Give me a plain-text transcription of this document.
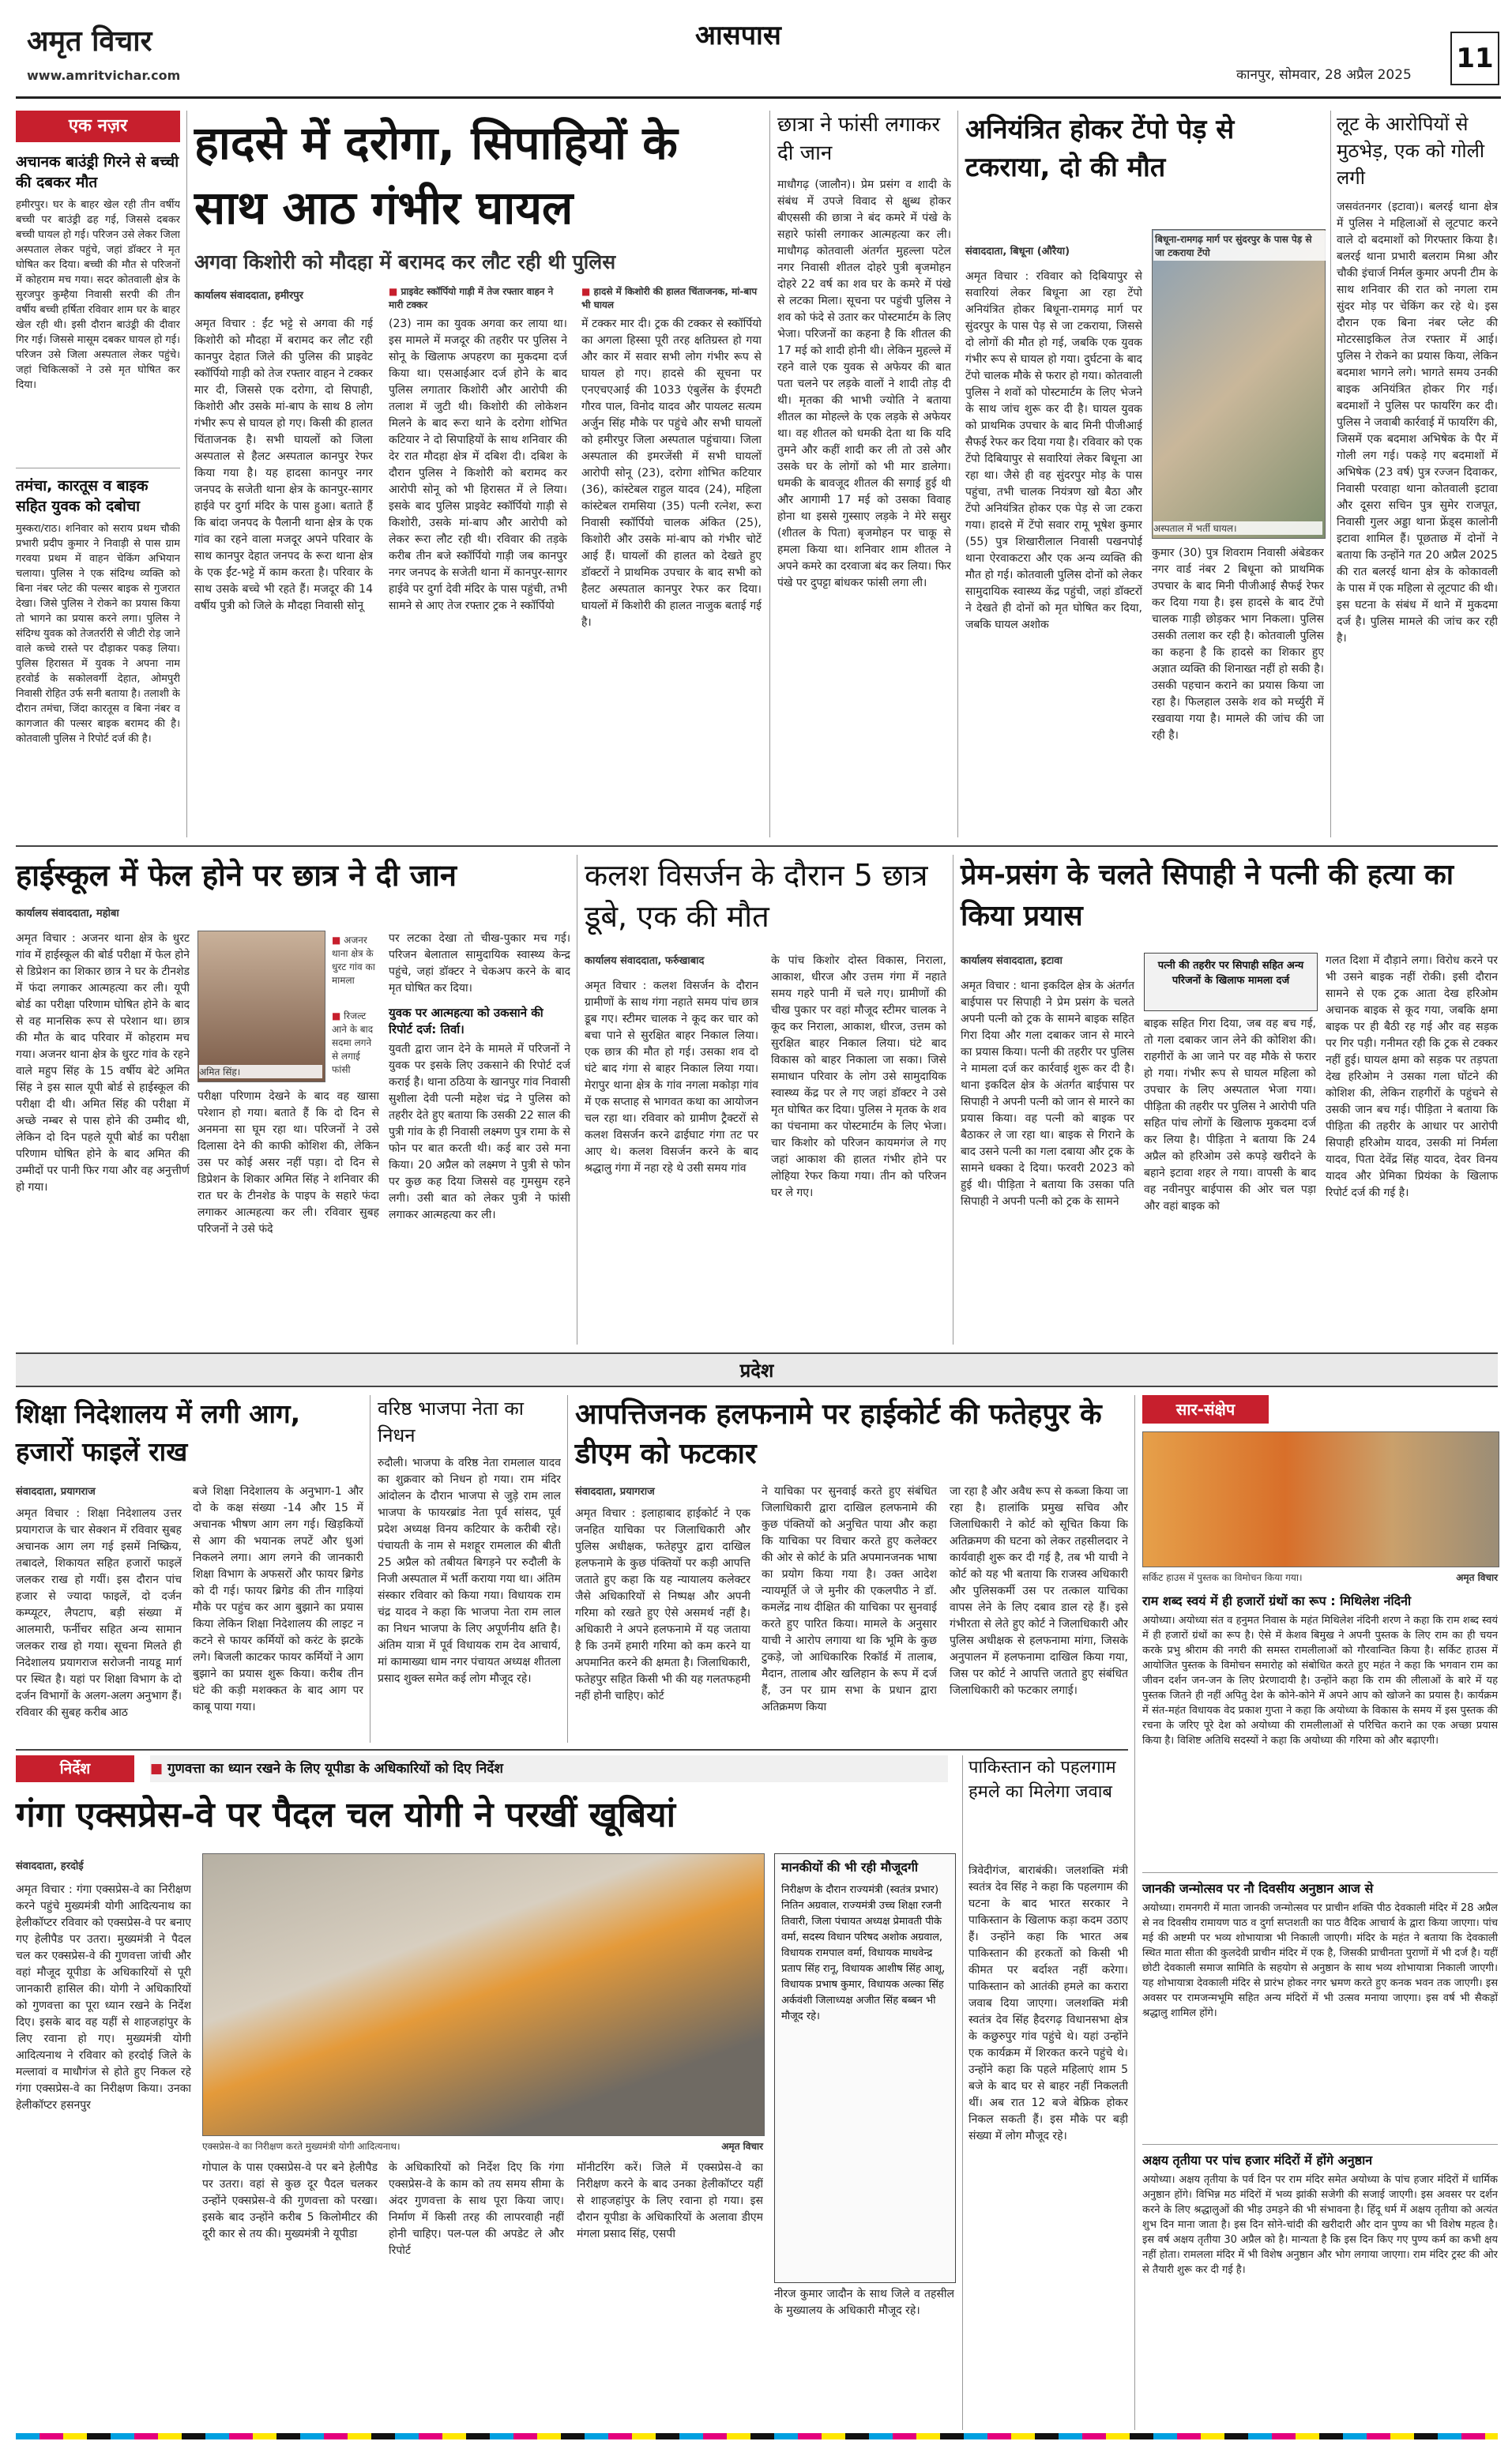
अमृत विचार
www.amritvichar.com
आसपास
कानपुर, सोमवार, 28 अप्रैल 2025
11
एक नज़र
अचानक बाउंड्री गिरने से बच्ची की दबकर मौत
हमीरपुर। घर के बाहर खेल रही तीन वर्षीय बच्ची पर बाउंड्री ढह गई, जिससे दबकर बच्ची घायल हो गई। परिजन उसे लेकर जिला अस्पताल लेकर पहुंचे, जहां डॉक्टर ने मृत घोषित कर दिया। बच्ची की मौत से परिजनों में कोहराम मच गया। सदर कोतवाली क्षेत्र के सुरजपुर कुम्हैया निवासी सरपी की तीन वर्षीय बच्ची हर्षिता रविवार शाम घर के बाहर खेल रही थी। इसी दौरान बाउंड्री की दीवार गिर गई। जिससे मासूम दबकर घायल हो गई। परिजन उसे जिला अस्पताल लेकर पहुंचे। जहां चिकित्सकों ने उसे मृत घोषित कर दिया।
तमंचा, कारतूस व बाइक सहित युवक को दबोचा
मुस्करा/राठ। शनिवार को सराय प्रथम चौकी प्रभारी प्रदीप कुमार ने निवाड़ी से पास ग्राम गरवया प्रथम में वाहन चेकिंग अभियान चलाया। पुलिस ने एक संदिग्ध व्यक्ति को बिना नंबर प्लेट की पल्सर बाइक से गुजरात देखा। जिसे पुलिस ने रोकने का प्रयास किया तो भागने का प्रयास करने लगा। पुलिस ने संदिग्ध युवक को तेजतर्रारी से जीटी रोड़ जाने वाले कच्चे रास्ते पर दौड़ाकर पकड़ लिया। पुलिस हिरासत में युवक ने अपना नाम हरवोर्ड के सकोलवर्गी देहात, ओमपुरी निवासी रोहित उर्फ सनी बताया है। तलाशी के दौरान तमंचा, जिंदा कारतूस व बिना नंबर व कागजात की पल्सर बाइक बरामद की है। कोतवाली पुलिस ने रिपोर्ट दर्ज की है।
हादसे में दरोगा, सिपाहियों के साथ आठ गंभीर घायल
अगवा किशोरी को मौदहा में बरामद कर लौट रही थी पुलिस
कार्यालय संवाददाता, हमीरपुर	■ प्राइवेट स्कॉर्पियो गाड़ी में तेज रफ्तार वाहन ने मारी टक्कर
■ हादसे में किशोरी की हालत चिंताजनक, मां-बाप भी घायल
अमृत विचार : ईंट भट्टे से अगवा की गई किशोरी को मौदहा में बरामद कर लौट रही कानपुर देहात जिले की पुलिस की प्राइवेट स्कॉर्पियो गाड़ी को तेज रफ्तार वाहन ने टक्कर मार दी, जिससे एक दरोगा, दो सिपाही, किशोरी और उसके मां-बाप के साथ 8 लोग गंभीर रूप से घायल हो गए। किसी की हालत चिंताजनक है। सभी घायलों को जिला अस्पताल से हैलट अस्पताल कानपुर रेफर किया गया है। यह हादसा कानपुर नगर जनपद के सजेती थाना क्षेत्र के कानपुर-सागर हाईवे पर दुर्गा मंदिर के पास हुआ। बताते हैं कि बांदा जनपद के पैलानी थाना क्षेत्र के एक गांव का रहने वाला मजदूर अपने परिवार के साथ कानपुर देहात जनपद के रूरा थाना क्षेत्र के एक ईंट-भट्टे में काम करता है। परिवार के साथ उसके बच्चे भी रहते हैं। मजदूर की 14 वर्षीय पुत्री को जिले के मौदहा निवासी सोनू
(23) नाम का युवक अगवा कर लाया था। इस मामले में मजदूर की तहरीर पर पुलिस ने सोनू के खिलाफ अपहरण का मुकदमा दर्ज किया था। एसआईआर दर्ज होने के बाद पुलिस लगातार किशोरी और आरोपी की तलाश में जुटी थी। किशोरी की लोकेशन मिलने के बाद रूरा थाने के दरोगा शोभित कटियार ने दो सिपाहियों के साथ शनिवार की देर रात मौदहा क्षेत्र में दबिश दी। दबिश के दौरान पुलिस ने किशोरी को बरामद कर आरोपी सोनू को भी हिरासत में ले लिया। इसके बाद पुलिस प्राइवेट स्कॉर्पियो गाड़ी से किशोरी, उसके मां-बाप और आरोपी को लेकर रूरा लौट रही थी। रविवार की तड़के करीब तीन बजे स्कॉर्पियो गाड़ी जब कानपुर नगर जनपद के सजेती थाना में कानपुर-सागर हाईवे पर दुर्गा देवी मंदिर के पास पहुंची, तभी सामने से आए तेज रफ्तार ट्रक ने स्कॉर्पियो
में टक्कर मार दी। ट्रक की टक्कर से स्कॉर्पियो का अगला हिस्सा पूरी तरह क्षतिग्रस्त हो गया और कार में सवार सभी लोग गंभीर रूप से घायल हो गए। हादसे की सूचना पर एनएचएआई की 1033 एंबुलेंस के ईएमटी गौरव पाल, विनोद यादव और पायलट सत्यम अर्जुन सिंह मौके पर पहुंचे और सभी घायलों को हमीरपुर जिला अस्पताल पहुंचाया। जिला अस्पताल की इमरजेंसी में सभी घायलों आरोपी सोनू (23), दरोगा शोभित कटियार (36), कांस्टेबल राहुल यादव (24), महिला कांस्टेबल रामसिया (35) पत्नी रत्नेश, रूरा निवासी स्कॉर्पियो चालक अंकित (25), किशोरी और उसके मां-बाप को गंभीर चोटें आई हैं। घायलों की हालत को देखते हुए डॉक्टरों ने प्राथमिक उपचार के बाद सभी को हैलट अस्पताल कानपुर रेफर कर दिया। घायलों में किशोरी की हालत नाजुक बताई गई है।
छात्रा ने फांसी लगाकर दी जान
माधौगढ़ (जालौन)। प्रेम प्रसंग व शादी के संबंध में उपजे विवाद से क्षुब्ध होकर बीएससी की छात्रा ने बंद कमरे में पंखे के सहारे फांसी लगाकर आत्महत्या कर ली। माधौगढ़ कोतवाली अंतर्गत मुहल्ला पटेल नगर निवासी शीतल दोहरे पुत्री बृजमोहन दोहरे 22 वर्ष का शव घर के कमरे में पंखे से लटका मिला। सूचना पर पहुंची पुलिस ने शव को फंदे से उतार कर पोस्टमार्टम के लिए भेजा। परिजनों का कहना है कि शीतल की 17 मई को शादी होनी थी। लेकिन मुहल्ले में रहने वाले एक युवक से अफेयर की बात पता चलने पर लड़के वालों ने शादी तोड़ दी थी। मृतका की भाभी ज्योति ने बताया शीतल का मोहल्ले के एक लड़के से अफेयर था। वह शीतल को धमकी देता था कि यदि तुमने और कहीं शादी कर ली तो उसे और उसके घर के लोगों को भी मार डालेगा। धमकी के बावजूद शीतल की सगाई हुई थी और आगामी 17 मई को उसका विवाह होना था इससे गुस्साए लड़के ने मेरे ससुर (शीतल के पिता) बृजमोहन पर चाकू से हमला किया था। शनिवार शाम शीतल ने अपने कमरे का दरवाजा बंद कर लिया। फिर पंखे पर दुपट्टा बांधकर फांसी लगा ली।
अनियंत्रित होकर टेंपो पेड़ से टकराया, दो की मौत
संवाददाता, बिधूना (औरैया)
बिधूना-रामगढ़ मार्ग पर सुंदरपुर के पास पेड़ से जा टकराया टेंपो
अस्पताल में भर्ती घायल।
अमृत विचार : रविवार को दिबियापुर से सवारियां लेकर बिधूना आ रहा टेंपो अनियंत्रित होकर बिधूना-रामगढ़ मार्ग पर सुंदरपुर के पास पेड़ से जा टकराया, जिससे दो लोगों की मौत हो गई, जबकि एक युवक गंभीर रूप से घायल हो गया। दुर्घटना के बाद टेंपो चालक मौके से फरार हो गया। कोतवाली पुलिस ने शवों को पोस्टमार्टम के लिए भेजने के साथ जांच शुरू कर दी है। घायल युवक को प्राथमिक उपचार के बाद मिनी पीजीआई सैफई रेफर कर दिया गया है। रविवार को एक टेंपो दिबियापुर से सवारियां लेकर बिधूना आ रहा था। जैसे ही वह सुंदरपुर मोड़ के पास पहुंचा, तभी चालक नियंत्रण खो बैठा और टेंपो अनियंत्रित होकर एक पेड़ से जा टकरा गया। हादसे में टेंपो सवार रामू भूषेश कुमार (55) पुत्र शिखारीलाल निवासी पखनपोई थाना ऐरवाकटरा और एक अन्य व्यक्ति की मौत हो गई। कोतवाली पुलिस दोनों को लेकर सामुदायिक स्वास्थ्य केंद्र पहुंची, जहां डॉक्टरों ने देखते ही दोनों को मृत घोषित कर दिया, जबकि घायल अशोक
कुमार (30) पुत्र शिवराम निवासी अंबेडकर नगर वार्ड नंबर 2 बिधूना को प्राथमिक उपचार के बाद मिनी पीजीआई सैफई रेफर कर दिया गया है। इस हादसे के बाद टेंपो चालक गाड़ी छोड़कर भाग निकला। पुलिस उसकी तलाश कर रही है। कोतवाली पुलिस का कहना है कि हादसे का शिकार हुए अज्ञात व्यक्ति की शिनाख्त नहीं हो सकी है। उसकी पहचान कराने का प्रयास किया जा रहा है। फिलहाल उसके शव को मर्च्युरी में रखवाया गया है। मामले की जांच की जा रही है।
लूट के आरोपियों से मुठभेड़, एक को गोली लगी
जसवंतनगर (इटावा)। बलरई थाना क्षेत्र में पुलिस ने महिलाओं से लूटपाट करने वाले दो बदमाशों को गिरफ्तार किया है। बलरई थाना प्रभारी बलराम मिश्रा और चौकी इंचार्ज निर्मल कुमार अपनी टीम के साथ शनिवार की रात को नगला राम सुंदर मोड़ पर चेकिंग कर रहे थे। इस दौरान एक बिना नंबर प्लेट की मोटरसाइकिल तेज रफ्तार में आई। पुलिस ने रोकने का प्रयास किया, लेकिन बदमाश भागने लगे। भागते समय उनकी बाइक अनियंत्रित होकर गिर गई। बदमाशों ने पुलिस पर फायरिंग कर दी। पुलिस ने जवाबी कार्रवाई में फायरिंग की, जिसमें एक बदमाश अभिषेक के पैर में गोली लग गई। पकड़े गए बदमाशों में अभिषेक (23 वर्ष) पुत्र रज्जन दिवाकर, निवासी परवाहा थाना कोतवाली इटावा और दूसरा सचिन पुत्र सुमेर राजपूत, निवासी गुलर अड्डा थाना फ्रेंड्स कालोनी इटावा शामिल हैं। पूछताछ में दोनों ने बताया कि उन्होंने गत 20 अप्रैल 2025 की रात बलरई थाना क्षेत्र के कोकावली के पास में एक महिला से लूटपाट की थी। इस घटना के संबंध में थाने में मुकदमा दर्ज है। पुलिस मामले की जांच कर रही है।
हाईस्कूल में फेल होने पर छात्र ने दी जान
कार्यालय संवाददाता, महोबा
अमित सिंह।
■ अजनर थाना क्षेत्र के धुरट गांव का मामला
■ रिजल्ट आने के बाद सदमा लगने से लगाई फांसी
अमृत विचार : अजनर थाना क्षेत्र के धुरट गांव में हाईस्कूल की बोर्ड परीक्षा में फेल होने से डिप्रेशन का शिकार छात्र ने घर के टीनशेड में फंदा लगाकर आत्महत्या कर ली। यूपी बोर्ड का परीक्षा परिणाम घोषित होने के बाद से वह मानसिक रूप से परेशान था। छात्र की मौत के बाद परिवार में कोहराम मच गया। अजनर थाना क्षेत्र के धुरट गांव के रहने वाले महुप सिंह के 15 वर्षीय बेटे अमित सिंह ने इस साल यूपी बोर्ड से हाईस्कूल की परीक्षा दी थी। अमित सिंह की परीक्षा में अच्छे नम्बर से पास होने की उम्मीद थी, लेकिन दो दिन पहले यूपी बोर्ड का परीक्षा परिणाम घोषित होने के बाद अमित की उम्मीदों पर पानी फिर गया और वह अनुत्तीर्ण हो गया।
परीक्षा परिणाम देखने के बाद वह खासा परेशान हो गया। बताते हैं कि दो दिन से अनमना सा घूम रहा था। परिजनों ने उसे दिलासा देने की काफी कोशिश की, लेकिन उस पर कोई असर नहीं पड़ा। दो दिन से डिप्रेशन के शिकार अमित सिंह ने शनिवार की रात घर के टीनशेड के पाइप के सहारे फंदा लगाकर आत्महत्या कर ली। रविवार सुबह परिजनों ने उसे फंदे
पर लटका देखा तो चीख-पुकार मच गई। परिजन बेलाताल सामुदायिक स्वास्थ्य केन्द्र पहुंचे, जहां डॉक्टर ने चेकअप करने के बाद मृत घोषित कर दिया।
युवक पर आत्महत्या को उकसाने की रिपोर्ट दर्ज: तिर्वा।
युवती द्वारा जान देने के मामले में परिजनों ने युवक पर इसके लिए उकसाने की रिपोर्ट दर्ज कराई है। थाना ठठिया के खानपुर गांव निवासी सुशीला देवी पत्नी महेश चंद्र ने पुलिस को तहरीर देते हुए बताया कि उसकी 22 साल की पुत्री गांव के ही निवासी लक्ष्मण पुत्र रामा के से फोन पर बात करती थी। कई बार उसे मना किया। 20 अप्रैल को लक्ष्मण ने पुत्री से फोन पर कुछ कह दिया जिससे वह गुमसुम रहने लगी। उसी बात को लेकर पुत्री ने फांसी लगाकर आत्महत्या कर ली।
कलश विसर्जन के दौरान 5 छात्र डूबे, एक की मौत
कार्यालय संवाददाता, फर्रुखाबाद
अमृत विचार : कलश विसर्जन के दौरान ग्रामीणों के साथ गंगा नहाते समय पांच छात्र डूब गए। स्टीमर चालक ने कूद कर चार को बचा पाने से सुरक्षित बाहर निकाल लिया। एक छात्र की मौत हो गई। उसका शव दो घंटे बाद गंगा से बाहर निकाल लिया गया। मेरापुर थाना क्षेत्र के गांव नगला मकोड़ा गांव में एक सप्ताह से भागवत कथा का आयोजन चल रहा था। रविवार को ग्रामीण ट्रैक्टरों से कलश विसर्जन करने ढाईघाट गंगा तट पर आए थे। कलश विसर्जन करने के बाद श्रद्धालु गंगा में नहा रहे थे उसी समय गांव
के पांच किशोर दोस्त विकास, निराला, आकाश, धीरज और उत्तम गंगा में नहाते समय गहरे पानी में चले गए। ग्रामीणों की चीख पुकार पर वहां मौजूद स्टीमर चालक ने कूद कर निराला, आकाश, धीरज, उत्तम को सुरक्षित बाहर निकाल लिया। घंटे बाद विकास को बाहर निकाला जा सका। जिसे समाधान परिवार के लोग उसे सामुदायिक स्वास्थ्य केंद्र पर ले गए जहां डॉक्टर ने उसे मृत घोषित कर दिया। पुलिस ने मृतक के शव का पंचनामा कर पोस्टमार्टम के लिए भेजा। चार किशोर को परिजन कायमगंज ले गए जहां आकाश की हालत गंभीर होने पर लोहिया रेफर किया गया। तीन को परिजन घर ले गए।
प्रेम-प्रसंग के चलते सिपाही ने पत्नी की हत्या का किया प्रयास
कार्यालय संवाददाता, इटावा	पत्नी की तहरीर पर सिपाही सहित अन्य परिजनों के खिलाफ मामला दर्ज
अमृत विचार : थाना इकदिल क्षेत्र के अंतर्गत बाईपास पर सिपाही ने प्रेम प्रसंग के चलते अपनी पत्नी को ट्रक के सामने बाइक सहित गिरा दिया और गला दबाकर जान से मारने का प्रयास किया। पत्नी की तहरीर पर पुलिस ने मामला दर्ज कर कार्रवाई शुरू कर दी है। थाना इकदिल क्षेत्र के अंतर्गत बाईपास पर सिपाही ने अपनी पत्नी को जान से मारने का प्रयास किया। वह पत्नी को बाइक पर बैठाकर ले जा रहा था। बाइक से गिराने के बाद उसने पत्नी का गला दबाया और ट्रक के सामने धक्का दे दिया। फरवरी 2023 को हुई थी। पीड़िता ने बताया कि उसका पति सिपाही ने अपनी पत्नी को ट्रक के सामने
बाइक सहित गिरा दिया, जब वह बच गई, तो गला दबाकर जान लेने की कोशिश की। राहगीरों के आ जाने पर वह मौके से फरार हो गया। गंभीर रूप से घायल महिला को उपचार के लिए अस्पताल भेजा गया। पीड़िता की तहरीर पर पुलिस ने आरोपी पति सहित पांच लोगों के खिलाफ मुकदमा दर्ज कर लिया है। पीड़िता ने बताया कि 24 अप्रैल को हरिओम उसे कपड़े खरीदने के बहाने इटावा शहर ले गया। वापसी के बाद वह नवीनपुर बाईपास की ओर चल पड़ा और वहां बाइक को
गलत दिशा में दौड़ाने लगा। विरोध करने पर भी उसने बाइक नहीं रोकी। इसी दौरान सामने से एक ट्रक आता देख हरिओम अचानक बाइक से कूद गया, जबकि क्षमा बाइक पर ही बैठी रह गई और वह सड़क पर गिर पड़ी। गनीमत रही कि ट्रक से टक्कर नहीं हुई। घायल क्षमा को सड़क पर तड़पता देख हरिओम ने उसका गला घोंटने की कोशिश की, लेकिन राहगीरों के पहुंचने से उसकी जान बच गई। पीड़िता ने बताया कि पीड़िता की तहरीर के आधार पर आरोपी सिपाही हरिओम यादव, उसकी मां निर्मला यादव, पिता देवेंद्र सिंह यादव, देवर विनय यादव और प्रेमिका प्रियंका के खिलाफ रिपोर्ट दर्ज की गई है।
प्रदेश
शिक्षा निदेशालय में लगी आग, हजारों फाइलें राख
संवाददाता, प्रयागराज
अमृत विचार : शिक्षा निदेशालय उत्तर प्रयागराज के चार सेक्शन में रविवार सुबह अचानक आग लग गई इसमें निष्क्रिय, तबादले, शिकायत सहित हजारों फाइलें जलकर राख हो गयीं। इस दौरान पांच हजार से ज्यादा फाइलें, दो दर्जन कम्प्यूटर, लैपटाप, बड़ी संख्या में आलमारी, फर्नीचर सहित अन्य सामान जलकर राख हो गया। सूचना मिलते ही निदेशालय प्रयागराज सरोजनी नायडू मार्ग पर स्थित है। यहां पर शिक्षा विभाग के दो दर्जन विभागों के अलग-अलग अनुभाग हैं। रविवार की सुबह करीब आठ
बजे शिक्षा निदेशालय के अनुभाग-1 और दो के कक्ष संख्या -14 और 15 में अचानक भीषण आग लग गई। खिड़कियों से आग की भयानक लपटें और धुआं निकलने लगा। आग लगने की जानकारी शिक्षा विभाग के अफसरों और फायर ब्रिगेड को दी गई। फायर ब्रिगेड की तीन गाड़ियां मौके पर पहुंच कर आग बुझाने का प्रयास किया लेकिन शिक्षा निदेशालय की लाइट न कटने से फायर कर्मियों को करंट के झटके लगे। बिजली काटकर फायर कर्मियों ने आग बुझाने का प्रयास शुरू किया। करीब तीन घंटे की कड़ी मशक्कत के बाद आग पर काबू पाया गया।
वरिष्ठ भाजपा नेता का निधन
रुदौली। भाजपा के वरिष्ठ नेता रामलाल यादव का शुक्रवार को निधन हो गया। राम मंदिर आंदोलन के दौरान भाजपा से जुड़े राम लाल भाजपा के फायरब्रांड नेता पूर्व सांसद, पूर्व प्रदेश अध्यक्ष विनय कटियार के करीबी रहे। पंचायती के नाम से मशहूर रामलाल की बीती 25 अप्रैल को तबीयत बिगड़ने पर रुदौली के निजी अस्पताल में भर्ती कराया गया था। अंतिम संस्कार रविवार को किया गया। विधायक राम चंद्र यादव ने कहा कि भाजपा नेता राम लाल का निधन भाजपा के लिए अपूर्णनीय क्षति है। अंतिम यात्रा में पूर्व विधायक राम देव आचार्य, मां कामाख्या धाम नगर पंचायत अध्यक्ष शीतला प्रसाद शुक्ल समेत कई लोग मौजूद रहे।
आपत्तिजनक हलफनामे पर हाईकोर्ट की फतेहपुर के डीएम को फटकार
संवाददाता, प्रयागराज
अमृत विचार : इलाहाबाद हाईकोर्ट ने एक जनहित याचिका पर जिलाधिकारी और पुलिस अधीक्षक, फतेहपुर द्वारा दाखिल हलफनामे के कुछ पंक्तियों पर कड़ी आपत्ति जताते हुए कहा कि यह न्यायालय कलेक्टर जैसे अधिकारियों से निष्पक्ष और अपनी गरिमा को रखते हुए ऐसे असमर्थ नहीं है। अधिकारी ने अपने हलफनामे में यह जताया है कि उनमें हमारी गरिमा को कम करने या अपमानित करने की क्षमता है। जिलाधिकारी, फतेहपुर सहित किसी भी की यह गलतफहमी नहीं होनी चाहिए। कोर्ट
ने याचिका पर सुनवाई करते हुए संबंधित जिलाधिकारी द्वारा दाखिल हलफनामे की कुछ पंक्तियों को अनुचित पाया और कहा कि याचिका पर विचार करते हुए कलेक्टर की ओर से कोर्ट के प्रति अपमानजनक भाषा का प्रयोग किया गया है। उक्त आदेश न्यायमूर्ति जे जे मुनीर की एकलपीठ ने डॉ. कमलेंद्र नाथ दीक्षित की याचिका पर सुनवाई करते हुए पारित किया। मामले के अनुसार याची ने आरोप लगाया था कि भूमि के कुछ टुकड़े, जो आधिकारिक रिकॉर्ड में तालाब, मैदान, तालाब और खलिहान के रूप में दर्ज हैं, उन पर ग्राम सभा के प्रधान द्वारा अतिक्रमण किया
जा रहा है और अवैध रूप से कब्जा किया जा रहा है। हालांकि प्रमुख सचिव और जिलाधिकारी ने कोर्ट को सूचित किया कि अतिक्रमण की घटना को लेकर तहसीलदार ने कार्यवाही शुरू कर दी गई है, तब भी याची ने कोर्ट को यह भी बताया कि राजस्व अधिकारी और पुलिसकर्मी उस पर तत्काल याचिका वापस लेने के लिए दबाव डाल रहे हैं। इसे गंभीरता से लेते हुए कोर्ट ने जिलाधिकारी और पुलिस अधीक्षक से हलफनामा मांगा, जिसके अनुपालन में हलफनामा दाखिल किया गया, जिस पर कोर्ट ने आपत्ति जताते हुए संबंधित जिलाधिकारी को फटकार लगाई।
सार-संक्षेप
सर्किट हाउस में पुस्तक का विमोचन किया गया।	अमृत विचार
राम शब्द स्वयं में ही हजारों ग्रंथों का रूप : मिथिलेश नंदिनी
अयोध्या। अयोध्या संत व हनुमत निवास के महंत मिथिलेश नंदिनी शरण ने कहा कि राम शब्द स्वयं में ही हजारों ग्रंथों का रूप है। ऐसे में केशव बिमुख ने अपनी पुस्तक के लिए राम का ही चयन करके प्रभु श्रीराम की नगरी की समस्त रामलीलाओं को गौरवान्वित किया है। सर्किट हाउस में आयोजित पुस्तक के विमोचन समारोह को संबोधित करते हुए महंत ने कहा कि भगवान राम का जीवन दर्शन जन-जन के लिए प्रेरणादायी है। उन्होंने कहा कि राम की लीलाओं के बारे में यह पुस्तक जितने ही नहीं अपितु देश के कोने-कोने में अपने आप को खोजने का प्रयास है। कार्यक्रम में संत-महंत विधायक वेद प्रकाश गुप्ता ने कहा कि अयोध्या के विकास के समय में इस पुस्तक की रचना के जरिए पूरे देश को अयोध्या की रामलीलाओं से परिचित कराने का एक अच्छा प्रयास किया है। विशिष्ट अतिथि सदस्यों ने कहा कि अयोध्या की गरिमा को और बढ़ाएगी।
जानकी जन्मोत्सव पर नौ दिवसीय अनुष्ठान आज से
अयोध्या। रामनगरी में माता जानकी जन्मोत्सव पर प्राचीन शक्ति पीठ देवकाली मंदिर में 28 अप्रैल से नव दिवसीय रामायण पाठ व दुर्गा सप्तशती का पाठ वैदिक आचार्य के द्वारा किया जाएगा। पांच मई की अष्टमी पर भव्य शोभायात्रा भी निकाली जाएगी। मंदिर के महंत ने बताया कि देवकाली स्थित माता सीता की कुलदेवी प्राचीन मंदिर में एक है, जिसकी प्राचीनता पुराणों में भी दर्ज है। यहीं छोटी देवकाली समाज सामिति के सहयोग से अनुष्ठान के साथ भव्य शोभायात्रा निकाली जाएगी। यह शोभायात्रा देवकाली मंदिर से प्रारंभ होकर नगर भ्रमण करते हुए कनक भवन तक जाएगी। इस अवसर पर रामजन्मभूमि सहित अन्य मंदिरों में भी उत्सव मनाया जाएगा। इस वर्ष भी सैकड़ों श्रद्धालु शामिल होंगे।
अक्षय तृतीया पर पांच हजार मंदिरों में होंगे अनुष्ठान
अयोध्या। अक्षय तृतीया के पर्व दिन पर राम मंदिर समेत अयोध्या के पांच हजार मंदिरों में धार्मिक अनुष्ठान होंगे। विभिन्न मठ मंदिरों में भव्य झांकी सजेगी की सजाई जाएगी। इस अवसर पर दर्शन करने के लिए श्रद्धालुओं की भीड़ उमड़ने की भी संभावना है। हिंदू धर्म में अक्षय तृतीया को अत्यंत शुभ दिन माना जाता है। इस दिन सोने-चांदी की खरीदारी और दान पुण्य का भी विशेष महत्व है। इस वर्ष अक्षय तृतीया 30 अप्रैल को है। मान्यता है कि इस दिन किए गए पुण्य कर्म का कभी क्षय नहीं होता। रामलला मंदिर में भी विशेष अनुष्ठान और भोग लगाया जाएगा। राम मंदिर ट्रस्ट की ओर से तैयारी शुरू कर दी गई है।
निर्देश	■ गुणवत्ता का ध्यान रखने के लिए यूपीडा के अधिकारियों को दिए निर्देश
गंगा एक्सप्रेस-वे पर पैदल चल योगी ने परखीं खूबियां
संवाददाता, हरदोई
अमृत विचार : गंगा एक्सप्रेस-वे का निरीक्षण करने पहुंचे मुख्यमंत्री योगी आदित्यनाथ का हेलीकॉप्टर रविवार को एक्सप्रेस-वे पर बनाए गए हेलीपैड पर उतरा। मुख्यमंत्री ने पैदल चल कर एक्सप्रेस-वे की गुणवत्ता जांची और वहां मौजूद यूपीडा के अधिकारियों से पूरी जानकारी हासिल की। योगी ने अधिकारियों को गुणवत्ता का पूरा ध्यान रखने के निर्देश दिए। इसके बाद वह यहीं से शाहजहांपुर के लिए रवाना हो गए। मुख्यमंत्री योगी आदित्यनाथ ने रविवार को हरदोई जिले के मल्लावां व माधौगंज से होते हुए निकल रहे गंगा एक्सप्रेस-वे का निरीक्षण किया। उनका हेलीकॉप्टर हसनपुर
एक्सप्रेस-वे का निरीक्षण करते मुख्यमंत्री योगी आदित्यनाथ।	अमृत विचार
गोपाल के पास एक्सप्रेस-वे पर बने हेलीपैड पर उतरा। वहां से कुछ दूर पैदल चलकर उन्होंने एक्सप्रेस-वे की गुणवत्ता को परखा। इसके बाद उन्होंने करीब 5 किलोमीटर की दूरी कार से तय की। मुख्यमंत्री ने यूपीडा
के अधिकारियों को निर्देश दिए कि गंगा एक्सप्रेस-वे के काम को तय समय सीमा के अंदर गुणवत्ता के साथ पूरा किया जाए। निर्माण में किसी तरह की लापरवाही नहीं होनी चाहिए। पल-पल की अपडेट ले और रिपोर्ट
मॉनीटरिंग करें। जिले में एक्सप्रेस-वे का निरीक्षण करने के बाद उनका हेलीकॉप्टर यहीं से शाहजहांपुर के लिए रवाना हो गया। इस दौरान यूपीडा के अधिकारियों के अलावा डीएम मंगला प्रसाद सिंह, एसपी
मानकीयों की भी रही मौजूदगी
निरीक्षण के दौरान राज्यमंत्री (स्वतंत्र प्रभार) नितिन अग्रवाल, राज्यमंत्री उच्च शिक्षा रजनी तिवारी, जिला पंचायत अध्यक्ष प्रेमावती पीके वर्मा, सदस्य विधान परिषद अशोक अग्रवाल, विधायक रामपाल वर्मा, विधायक माधवेन्द्र प्रताप सिंह रानू, विधायक आशीष सिंह आशू, विधायक प्रभाष कुमार, विधायक अल्का सिंह अर्कवंशी जिलाध्यक्ष अजीत सिंह बब्बन भी मौजूद रहे।
नीरज कुमार जादौन के साथ जिले व तहसील के मुख्यालय के अधिकारी मौजूद रहे।
पाकिस्तान को पहलगाम हमले का मिलेगा जवाब
त्रिवेदीगंज, बाराबंकी। जलशक्ति मंत्री स्वतंत्र देव सिंह ने कहा कि पहलगाम की घटना के बाद भारत सरकार ने पाकिस्तान के खिलाफ कड़ा कदम उठाए हैं। उन्होंने कहा कि भारत अब पाकिस्तान की हरकतों को किसी भी कीमत पर बर्दाश्त नहीं करेगा। पाकिस्तान को आतंकी हमले का करारा जवाब दिया जाएगा। जलशक्ति मंत्री स्वतंत्र देव सिंह हैदरगढ़ विधानसभा क्षेत्र के कछुरुपुर गांव पहुंचे थे। यहां उन्होंने एक कार्यक्रम में शिरकत करने पहुंचे थे। उन्होंने कहा कि पहले महिलाएं शाम 5 बजे के बाद घर से बाहर नहीं निकलती थीं। अब रात 12 बजे बेफ्रिक होकर निकल सकती हैं। इस मौके पर बड़ी संख्या में लोग मौजूद रहे।
